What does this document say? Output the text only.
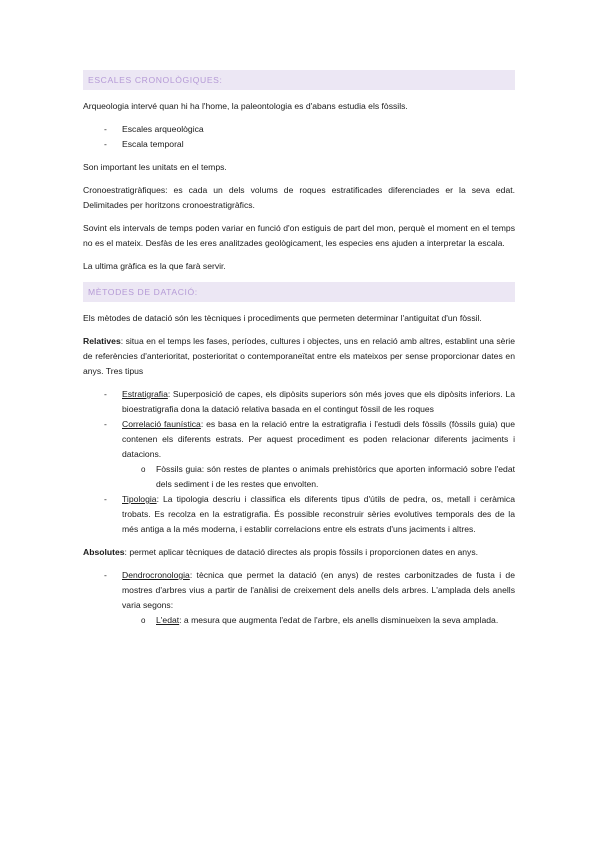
ESCALES CRONOLÒGIQUES:

Arqueologia intervé quan hi ha l'home, la paleontologia es d'abans estudia els fòssils.

- Escales arqueològica
- Escala temporal

Son important les unitats en el temps.

Cronoestratigràfiques: es cada un dels volums de roques estratificades diferenciades er la seva edat. Delimitades per horitzons cronoestratigràfics.

Sovint els intervals de temps poden variar en funció d'on estiguis de part del mon, perquè el moment en el temps no es el mateix. Desfàs de les eres analitzades geològicament, les especies ens ajuden a interpretar la escala.

La ultima gràfica es la que farà servir.

MÈTODES DE DATACIÓ:

Els mètodes de datació són les tècniques i procediments que permeten determinar l'antiguitat d'un fòssil.

Relatives: situa en el temps les fases, períodes, cultures i objectes, uns en relació amb altres, establint una sèrie de referències d'anterioritat, posterioritat o contemporaneïtat entre els mateixos per sense proporcionar dates en anys. Tres tipus

- Estratigrafia: Superposició de capes, els dipòsits superiors són més joves que els dipòsits inferiors. La bioestratigrafia dona la datació relativa basada en el contingut fòssil de les roques
- Correlació faunística: es basa en la relació entre la estratigrafia i l'estudi dels fòssils (fòssils guia) que contenen els diferents estrats. Per aquest procediment es poden relacionar diferents jaciments i datacions.
o Fòssils guia: són restes de plantes o animals prehistòrics que aporten informació sobre l'edat dels sediment i de les restes que envolten.
- Tipologia: La tipologia descriu i classifica els diferents tipus d'útils de pedra, os, metall i ceràmica trobats. Es recolza en la estratigrafia. És possible reconstruir sèries evolutives temporals des de la més antiga a la més moderna, i establir correlacions entre els estrats d'uns jaciments i altres.

Absolutes: permet aplicar tècniques de datació directes als propis fòssils i proporcionen dates en anys.

- Dendrocronologia: tècnica que permet la datació (en anys) de restes carbonitzades de fusta i de mostres d'arbres vius a partir de l'anàlisi de creixement dels anells dels arbres. L'amplada dels anells varia segons:
o L'edat: a mesura que augmenta l'edat de l'arbre, els anells disminueixen la seva amplada.
